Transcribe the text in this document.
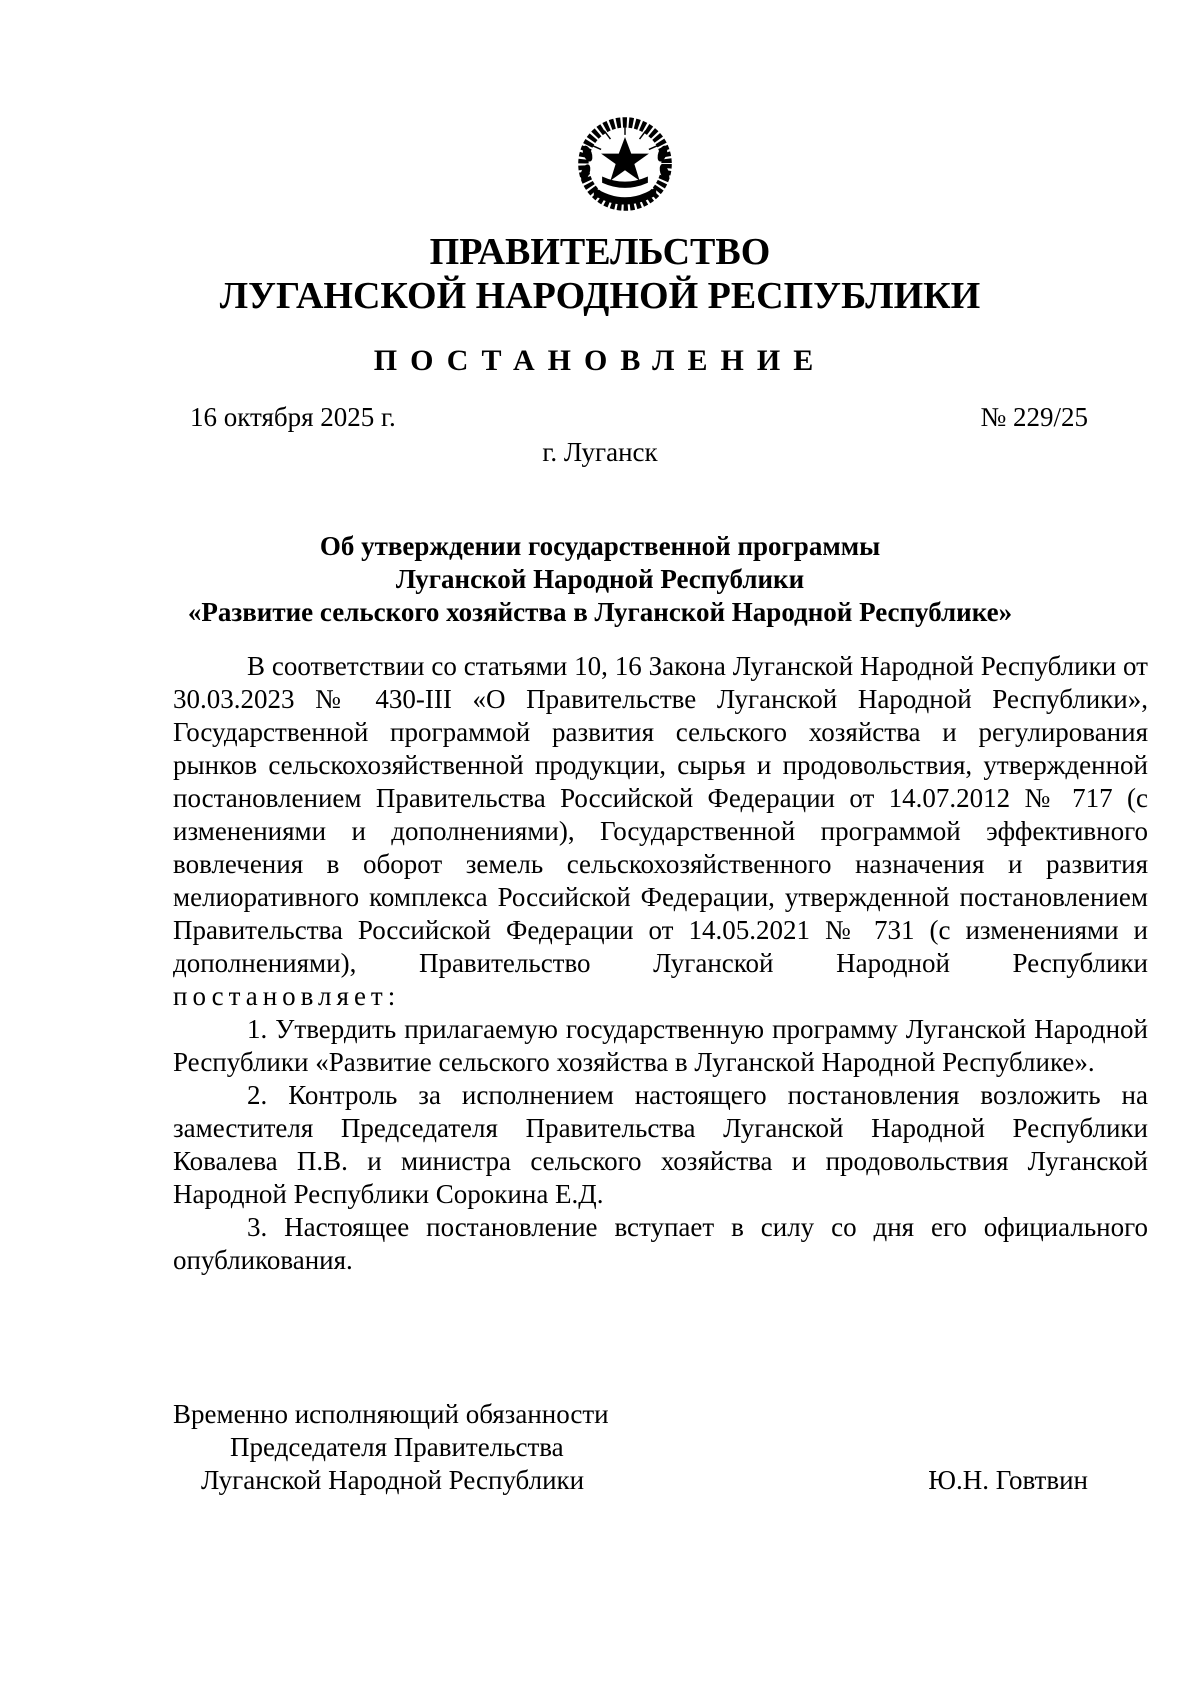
ПРАВИТЕЛЬСТВО
ЛУГАНСКОЙ НАРОДНОЙ РЕСПУБЛИКИ
ПОСТАНОВЛЕНИЕ
16 октября 2025 г.	№ 229/25
г. Луганск
Об утверждении государственной программы
Луганской Народной Республики
«Развитие сельского хозяйства в Луганской Народной Республике»

В соответствии со статьями 10, 16 Закона Луганской Народной Республики от 30.03.2023 № 430-III «О Правительстве Луганской Народной Республики», Государственной программой развития сельского хозяйства и регулирования рынков сельскохозяйственной продукции, сырья и продовольствия, утвержденной постановлением Правительства Российской Федерации от 14.07.2012 № 717 (с изменениями и дополнениями), Государственной программой эффективного вовлечения в оборот земель сельскохозяйственного назначения и развития мелиоративного комплекса Российской Федерации, утвержденной постановлением Правительства Российской Федерации от 14.05.2021 № 731 (с изменениями и дополнениями), Правительство Луганской Народной Республики постановляет:

1. Утвердить прилагаемую государственную программу Луганской Народной Республики «Развитие сельского хозяйства в Луганской Народной Республике».

2. Контроль за исполнением настоящего постановления возложить на заместителя Председателя Правительства Луганской Народной Республики Ковалева П.В. и министра сельского хозяйства и продовольствия Луганской Народной Республики Сорокина Е.Д.

3. Настоящее постановление вступает в силу со дня его официального опубликования.

Временно исполняющий обязанности
Председателя Правительства
Луганской Народной Республики	Ю.Н. Говтвин
